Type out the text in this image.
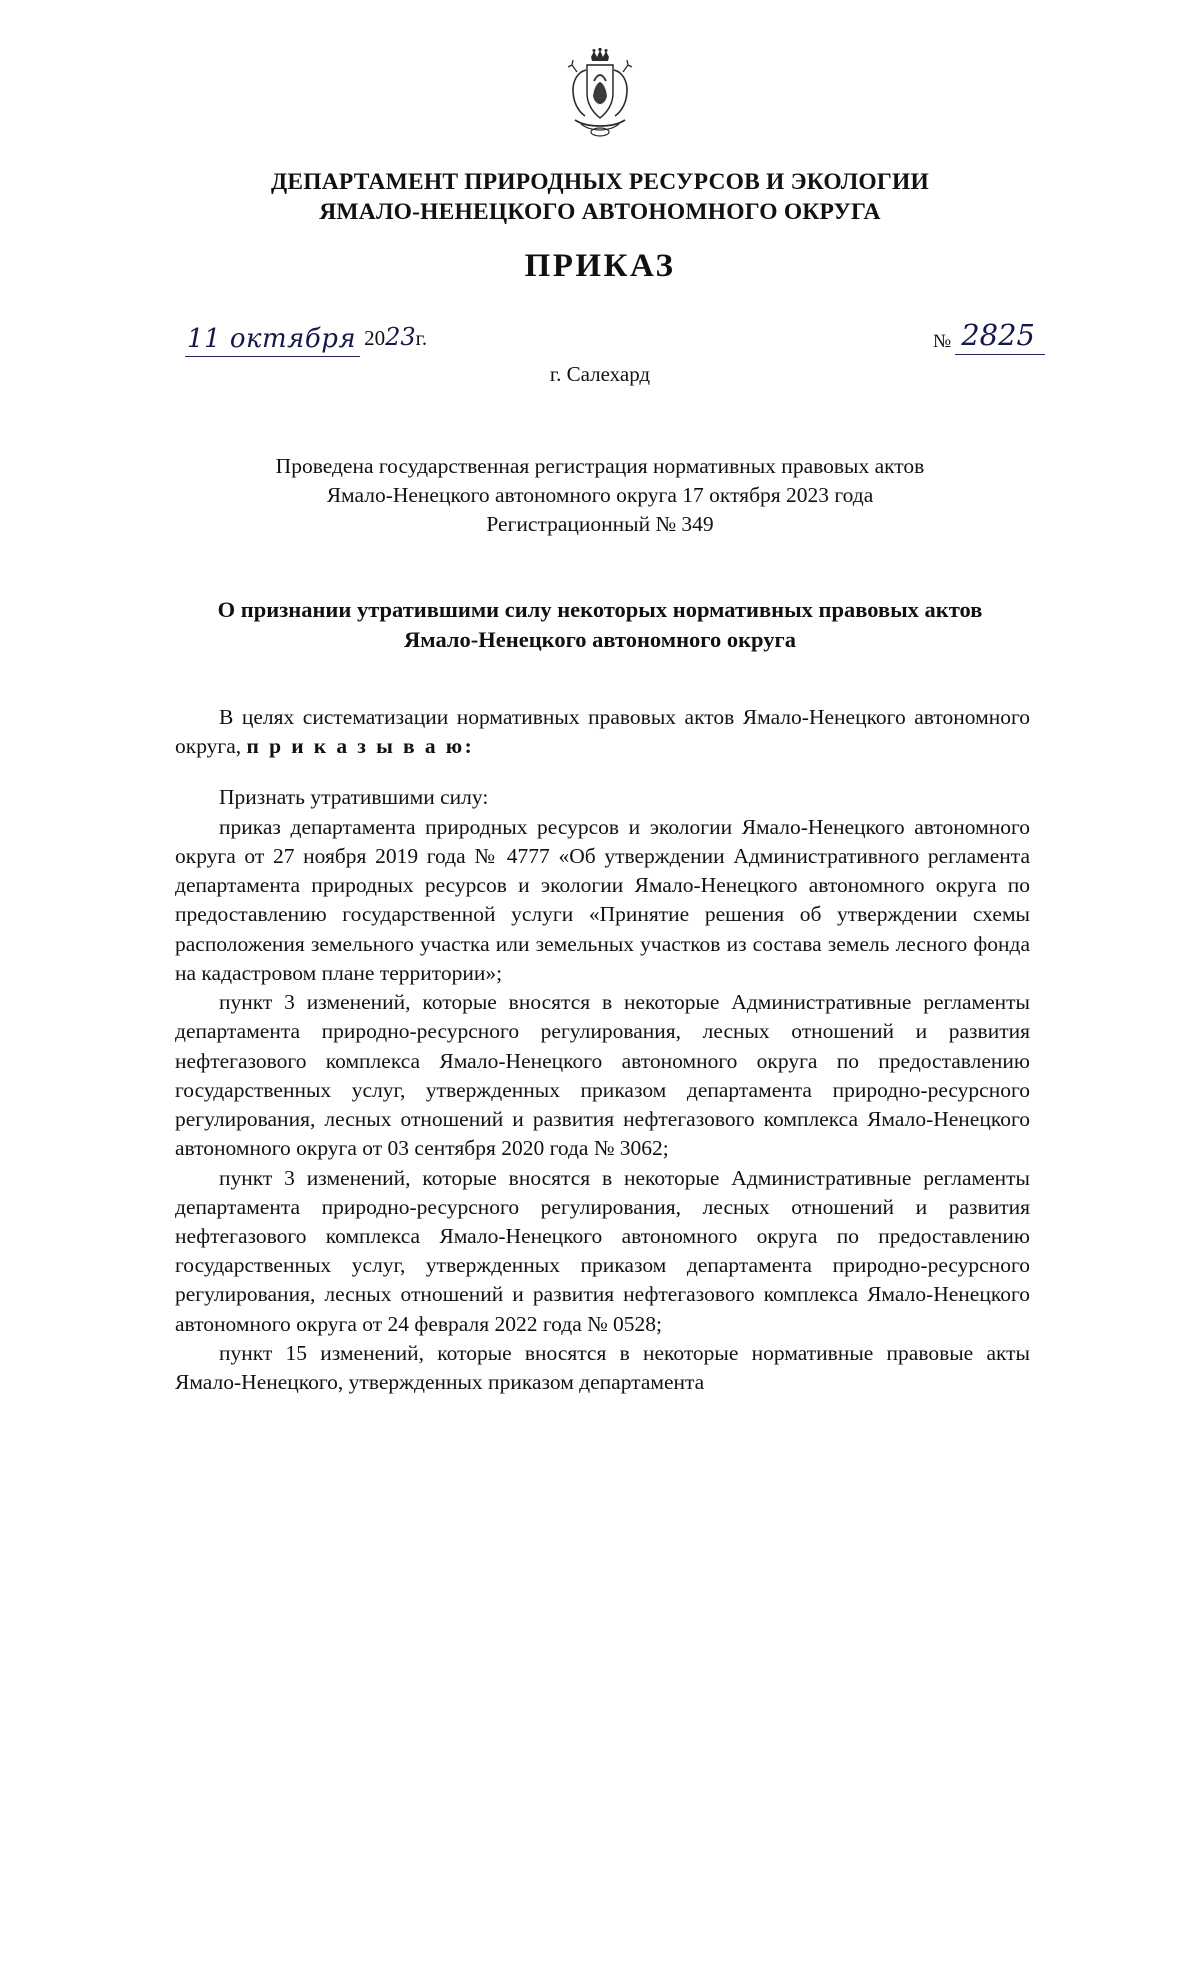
ДЕПАРТАМЕНТ ПРИРОДНЫХ РЕСУРСОВ И ЭКОЛОГИИ
ЯМАЛО-НЕНЕЦКОГО АВТОНОМНОГО ОКРУГА
ПРИКАЗ
11 октября 2023г.	№ 2825
г. Салехард
Проведена государственная регистрация нормативных правовых актов
Ямало-Ненецкого автономного округа 17 октября 2023 года
Регистрационный № 349
О признании утратившими силу некоторых нормативных правовых актов
Ямало-Ненецкого автономного округа

В целях систематизации нормативных правовых актов Ямало-Ненецкого автономного округа, п р и к а з ы в а ю:

Признать утратившими силу:

приказ департамента природных ресурсов и экологии Ямало-Ненецкого автономного округа от 27 ноября 2019 года № 4777 «Об утверждении Административного регламента департамента природных ресурсов и экологии Ямало-Ненецкого автономного округа по предоставлению государственной услуги «Принятие решения об утверждении схемы расположения земельного участка или земельных участков из состава земель лесного фонда на кадастровом плане территории»;

пункт 3 изменений, которые вносятся в некоторые Административные регламенты департамента природно-ресурсного регулирования, лесных отношений и развития нефтегазового комплекса Ямало-Ненецкого автономного округа по предоставлению государственных услуг, утвержденных приказом департамента природно-ресурсного регулирования, лесных отношений и развития нефтегазового комплекса Ямало-Ненецкого автономного округа от 03 сентября 2020 года № 3062;

пункт 3 изменений, которые вносятся в некоторые Административные регламенты департамента природно-ресурсного регулирования, лесных отношений и развития нефтегазового комплекса Ямало-Ненецкого автономного округа по предоставлению государственных услуг, утвержденных приказом департамента природно-ресурсного регулирования, лесных отношений и развития нефтегазового комплекса Ямало-Ненецкого автономного округа от 24 февраля 2022 года № 0528;

пункт 15 изменений, которые вносятся в некоторые нормативные правовые акты Ямало-Ненецкого, утвержденных приказом департамента
